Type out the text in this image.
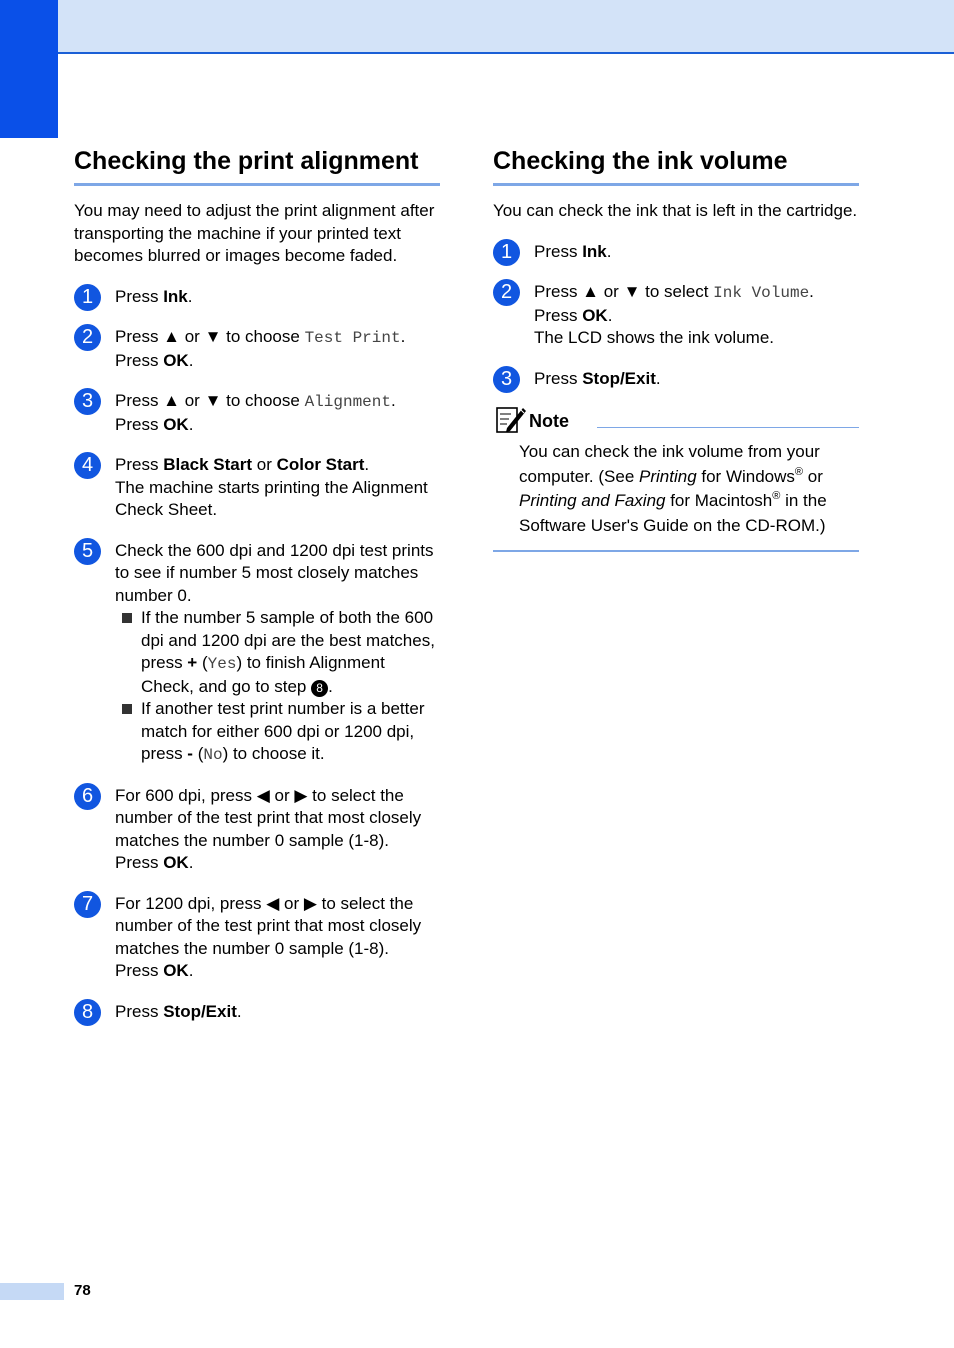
Checking the print alignment

You may need to adjust the print alignment after transporting the machine if your printed text becomes blurred or images become faded.

1	Press Ink.
2	Press ▲ or ▼ to choose Test Print.
Press OK.
3	Press ▲ or ▼ to choose Alignment.
Press OK.
4	Press Black Start or Color Start.
The machine starts printing the Alignment Check Sheet.
5	Check the 600 dpi and 1200 dpi test prints to see if number 5 most closely matches number 0.
If the number 5 sample of both the 600 dpi and 1200 dpi are the best matches, press + (Yes) to finish Alignment Check, and go to step 8 .
If another test print number is a better match for either 600 dpi or 1200 dpi, press - (No) to choose it.
6	For 600 dpi, press ◀ or ▶ to select the number of the test print that most closely matches the number 0 sample (1-8).
Press OK.
7	For 1200 dpi, press ◀ or ▶ to select the number of the test print that most closely matches the number 0 sample (1-8).
Press OK.
8	Press Stop/Exit.
Checking the ink volume

You can check the ink that is left in the cartridge.

1	Press Ink.
2	Press ▲ or ▼ to select Ink Volume.
Press OK.
The LCD shows the ink volume.
3	Press Stop/Exit.
Note
You can check the ink volume from your computer. (See Printing for Windows® or Printing and Faxing for Macintosh® in the Software User's Guide on the CD-ROM.)
78
